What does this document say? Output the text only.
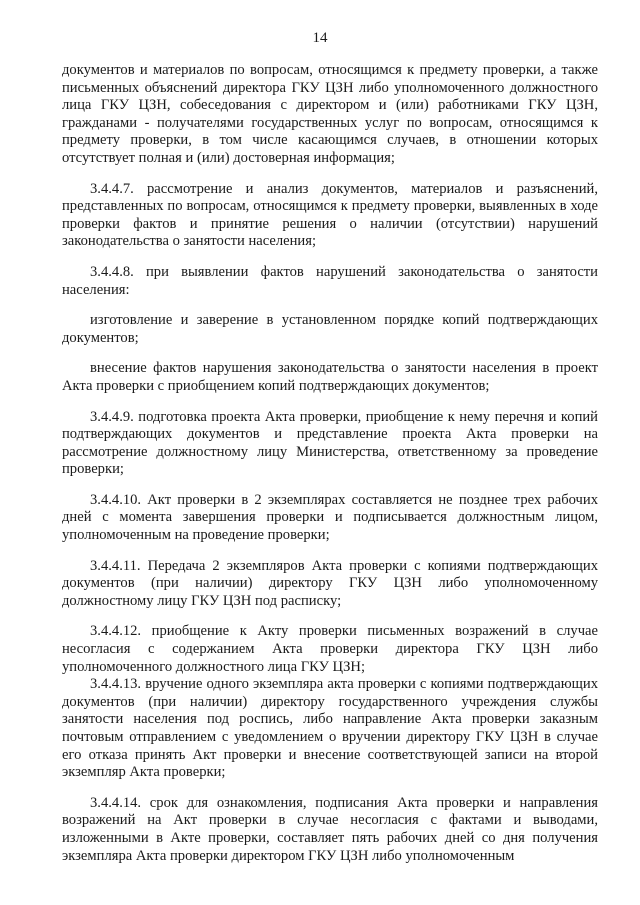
14

документов и материалов по вопросам, относящимся к предмету проверки, а также письменных объяснений директора ГКУ ЦЗН либо уполномоченного должностного лица ГКУ ЦЗН, собеседования с директором и (или) работниками ГКУ ЦЗН, гражданами - получателями государственных услуг по вопросам, относящимся к предмету проверки, в том числе касающимся случаев, в отношении которых отсутствует полная и (или) достоверная информация;

3.4.4.7. рассмотрение и анализ документов, материалов и разъяснений, представленных по вопросам, относящимся к предмету проверки, выявленных в ходе проверки фактов и принятие решения о наличии (отсутствии) нарушений законодательства о занятости населения;

3.4.4.8. при выявлении фактов нарушений законодательства о занятости населения:

изготовление и заверение в установленном порядке копий подтверждающих документов;

внесение фактов нарушения законодательства о занятости населения в проект Акта проверки с приобщением копий подтверждающих документов;

3.4.4.9. подготовка проекта Акта проверки, приобщение к нему перечня и копий подтверждающих документов и представление проекта Акта проверки на рассмотрение должностному лицу Министерства, ответственному за проведение проверки;

3.4.4.10. Акт проверки в 2 экземплярах составляется не позднее трех рабочих дней с момента завершения проверки и подписывается должностным лицом, уполномоченным на проведение проверки;

3.4.4.11. Передача 2 экземпляров Акта проверки с копиями подтверждающих документов (при наличии) директору ГКУ ЦЗН либо уполномоченному должностному лицу ГКУ ЦЗН под расписку;

3.4.4.12. приобщение к Акту проверки письменных возражений в случае несогласия с содержанием Акта проверки директора ГКУ ЦЗН либо уполномоченного должностного лица ГКУ ЦЗН;

3.4.4.13. вручение одного экземпляра акта проверки с копиями подтверждающих документов (при наличии) директору государственного учреждения службы занятости населения под роспись, либо направление Акта проверки заказным почтовым отправлением с уведомлением о вручении директору ГКУ ЦЗН в случае его отказа принять Акт проверки и внесение соответствующей записи на второй экземпляр Акта проверки;

3.4.4.14. срок для ознакомления, подписания Акта проверки и направления возражений на Акт проверки в случае несогласия с фактами и выводами, изложенными в Акте проверки, составляет пять рабочих дней со дня получения экземпляра Акта проверки директором ГКУ ЦЗН либо уполномоченным
